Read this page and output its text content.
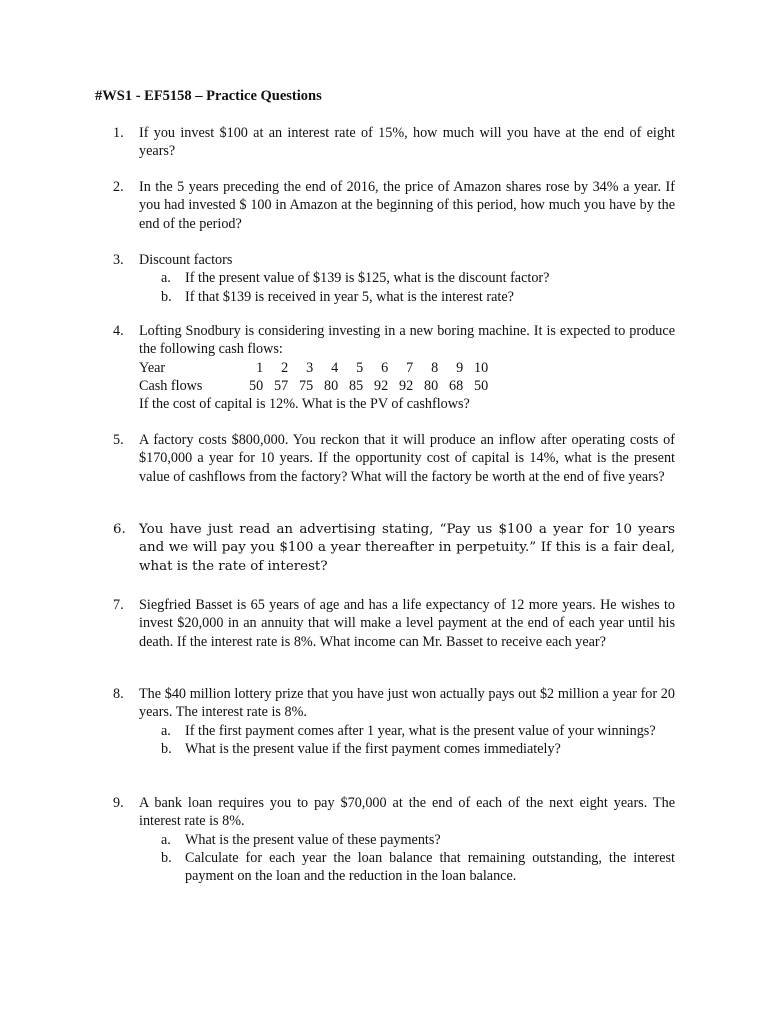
#WS1 - EF5158 – Practice Questions
1. If you invest $100 at an interest rate of 15%, how much will you have at the end of eight years?
2. In the 5 years preceding the end of 2016, the price of Amazon shares rose by 34% a year. If you had invested $ 100 in Amazon at the beginning of this period, how much you have by the end of the period?
3. Discount factors
a. If the present value of $139 is $125, what is the discount factor?
b. If that $139 is received in year 5, what is the interest rate?
4. Lofting Snodbury is considering investing in a new boring machine. It is expected to produce the following cash flows:
Year	1	2	3	4	5	6	7	8	9	10
Cash flows	50	57	75	80	85	92	92	80	68	50
If the cost of capital is 12%. What is the PV of cashflows?
5. A factory costs $800,000. You reckon that it will produce an inflow after operating costs of $170,000 a year for 10 years. If the opportunity cost of capital is 14%, what is the present value of cashflows from the factory? What will the factory be worth at the end of five years?
6. You have just read an advertising stating, “Pay us $100 a year for 10 years and we will pay you $100 a year thereafter in perpetuity.” If this is a fair deal, what is the rate of interest?
7. Siegfried Basset is 65 years of age and has a life expectancy of 12 more years. He wishes to invest $20,000 in an annuity that will make a level payment at the end of each year until his death. If the interest rate is 8%. What income can Mr. Basset to receive each year?
8. The $40 million lottery prize that you have just won actually pays out $2 million a year for 20 years. The interest rate is 8%.
a. If the first payment comes after 1 year, what is the present value of your winnings?
b. What is the present value if the first payment comes immediately?
9. A bank loan requires you to pay $70,000 at the end of each of the next eight years. The interest rate is 8%.
a. What is the present value of these payments?
b. Calculate for each year the loan balance that remaining outstanding, the interest payment on the loan and the reduction in the loan balance.
